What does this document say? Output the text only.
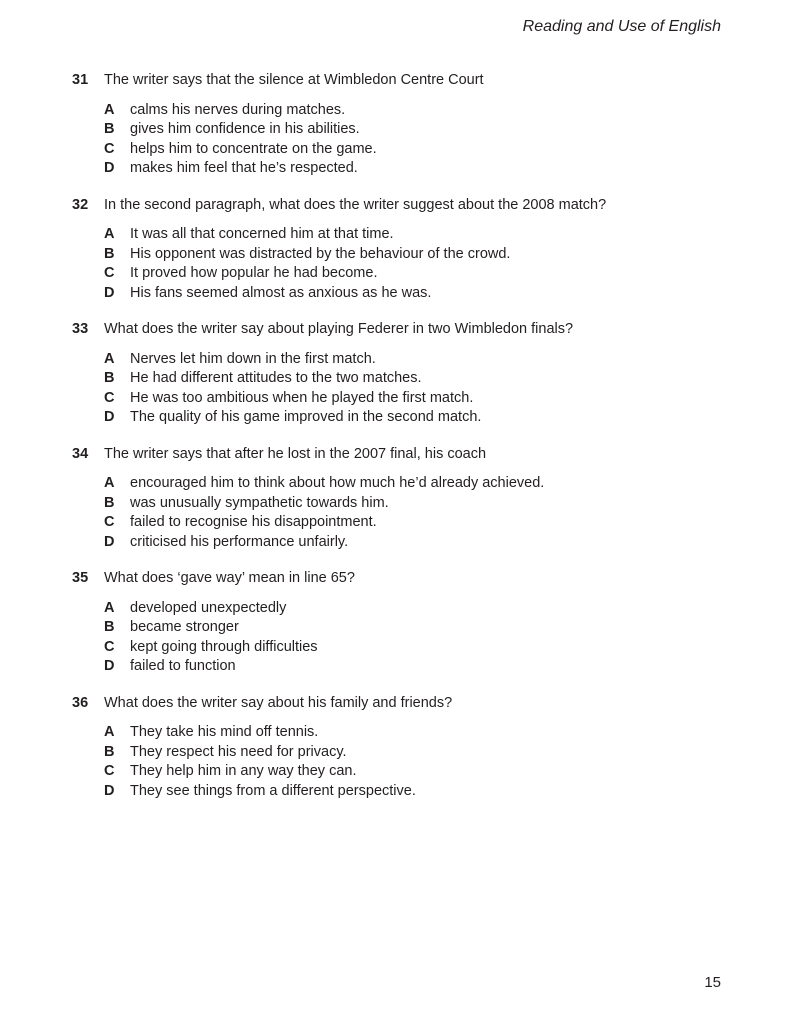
Reading and Use of English
31	The writer says that the silence at Wimbledon Centre Court
A	calms his nerves during matches.
B	gives him confidence in his abilities.
C	helps him to concentrate on the game.
D	makes him feel that he’s respected.
32	In the second paragraph, what does the writer suggest about the 2008 match?
A	It was all that concerned him at that time.
B	His opponent was distracted by the behaviour of the crowd.
C	It proved how popular he had become.
D	His fans seemed almost as anxious as he was.
33	What does the writer say about playing Federer in two Wimbledon finals?
A	Nerves let him down in the first match.
B	He had different attitudes to the two matches.
C	He was too ambitious when he played the first match.
D	The quality of his game improved in the second match.
34	The writer says that after he lost in the 2007 final, his coach
A	encouraged him to think about how much he’d already achieved.
B	was unusually sympathetic towards him.
C	failed to recognise his disappointment.
D	criticised his performance unfairly.
35	What does ‘gave way’ mean in line 65?
A	developed unexpectedly
B	became stronger
C	kept going through difficulties
D	failed to function
36	What does the writer say about his family and friends?
A	They take his mind off tennis.
B	They respect his need for privacy.
C	They help him in any way they can.
D	They see things from a different perspective.
15
